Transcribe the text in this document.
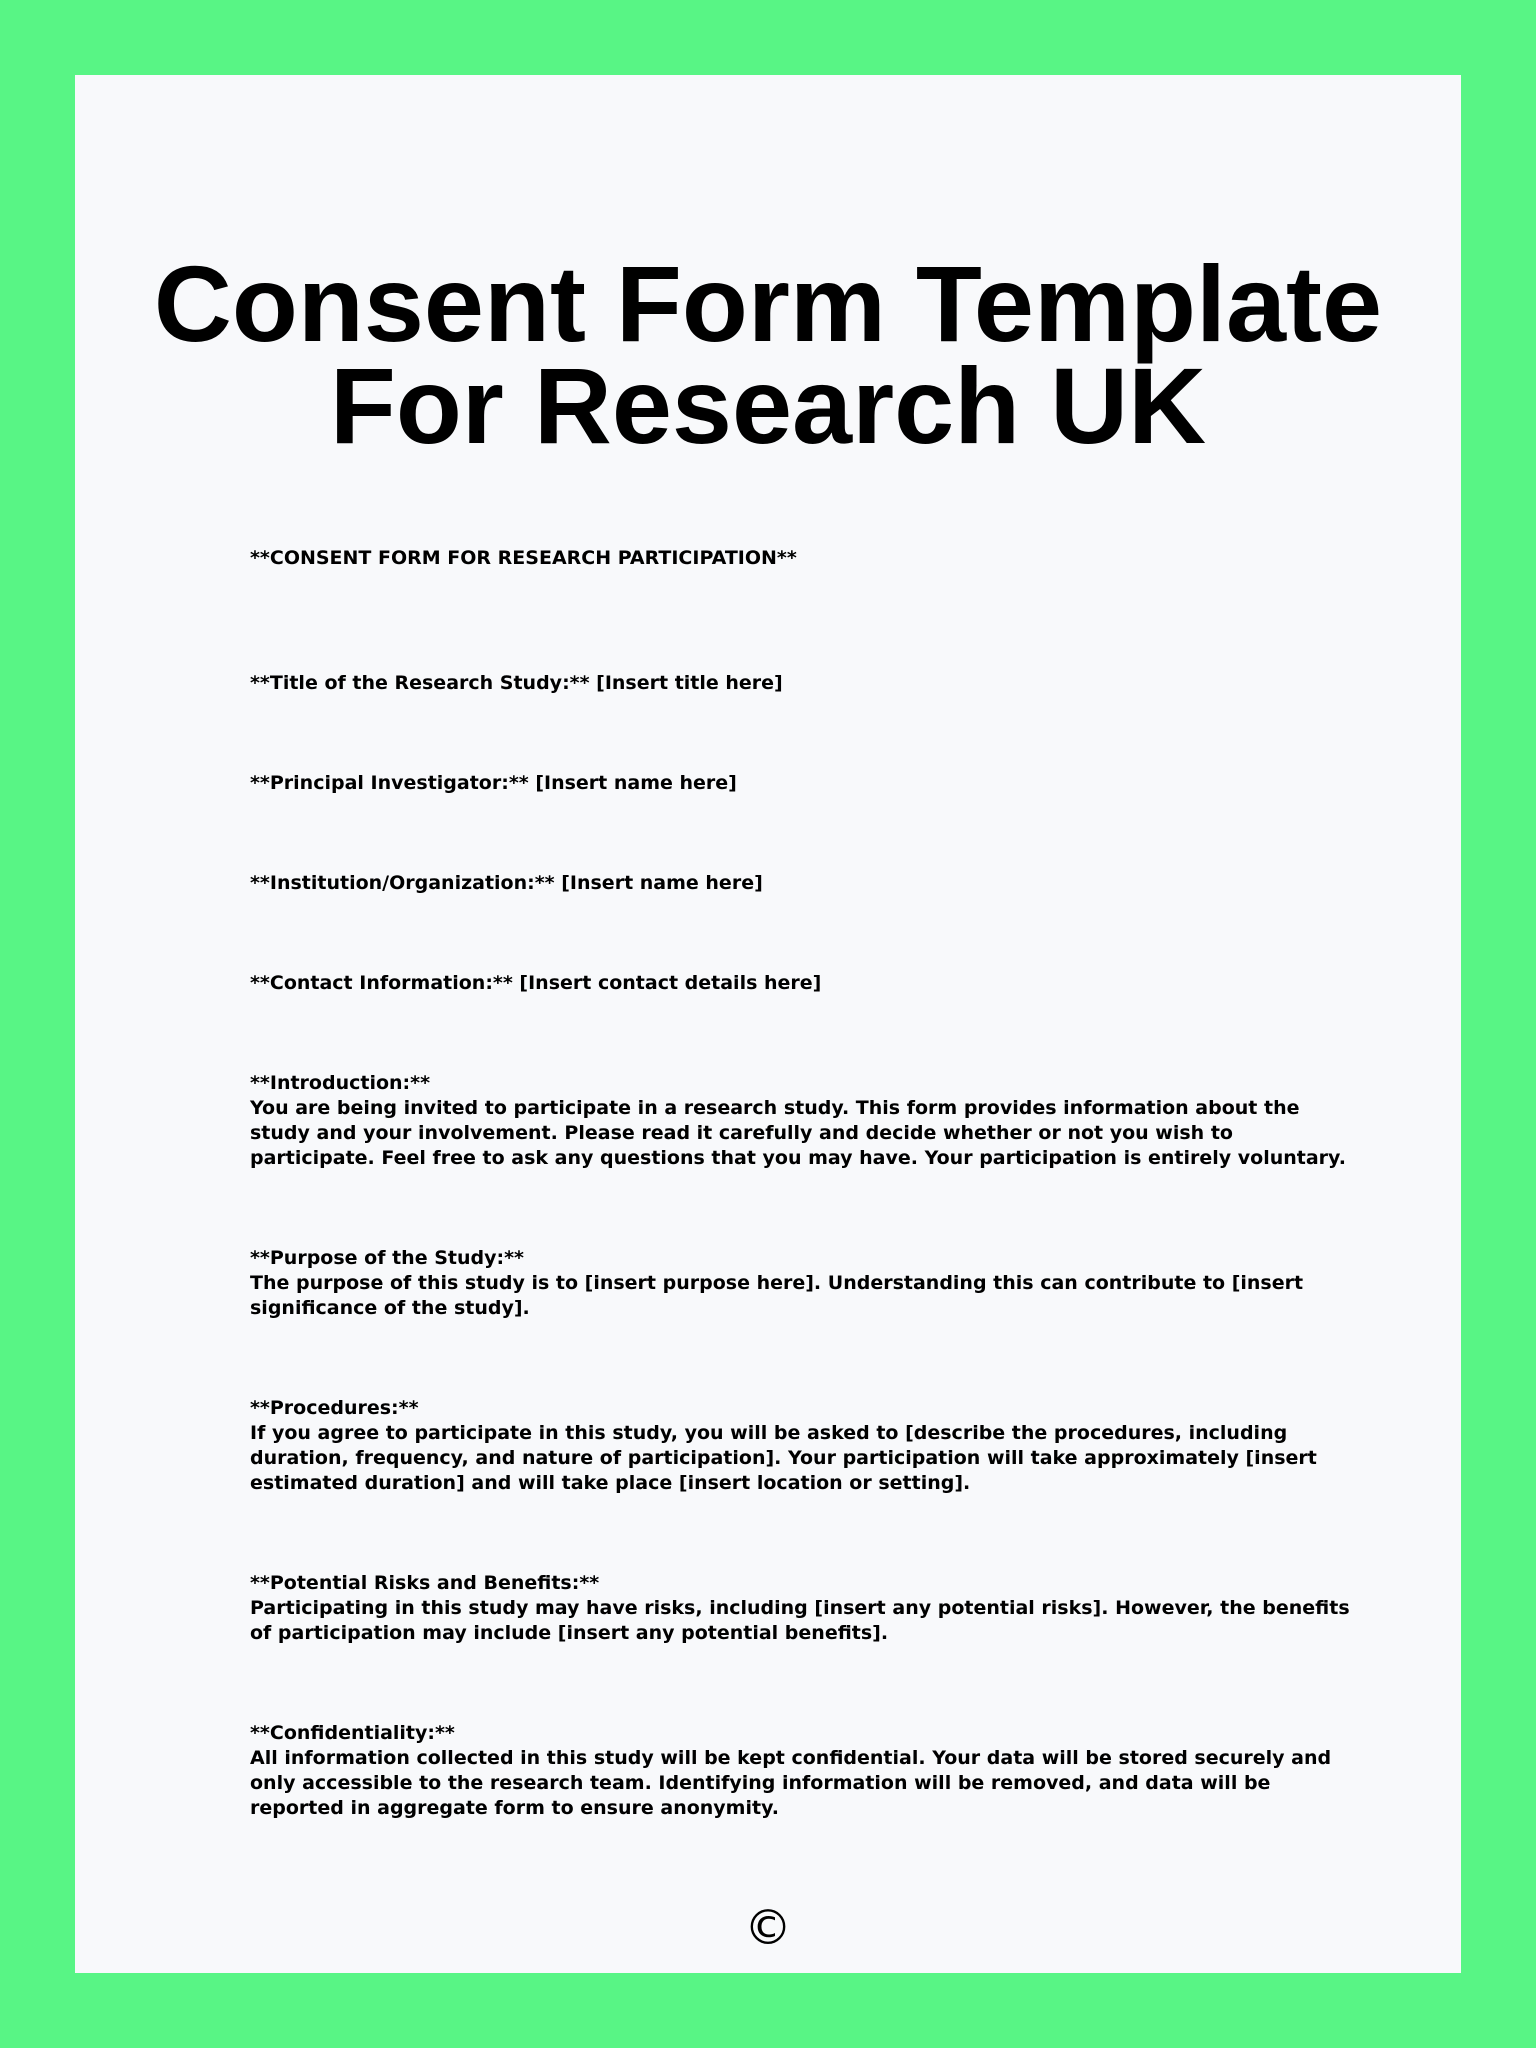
Consent Form Template For Research UK

**CONSENT FORM FOR RESEARCH PARTICIPATION**

**Title of the Research Study:** [Insert title here]

**Principal Investigator:** [Insert name here]

**Institution/Organization:** [Insert name here]

**Contact Information:** [Insert contact details here]

**Introduction:**
You are being invited to participate in a research study. This form provides information about the study and your involvement. Please read it carefully and decide whether or not you wish to participate. Feel free to ask any questions that you may have. Your participation is entirely voluntary.
**Purpose of the Study:**
The purpose of this study is to [insert purpose here]. Understanding this can contribute to [insert significance of the study].
**Procedures:**
If you agree to participate in this study, you will be asked to [describe the procedures, including duration, frequency, and nature of participation]. Your participation will take approximately [insert estimated duration] and will take place [insert location or setting].
**Potential Risks and Benefits:**
Participating in this study may have risks, including [insert any potential risks]. However, the benefits of participation may include [insert any potential benefits].
**Confidentiality:**
All information collected in this study will be kept confidential. Your data will be stored securely and only accessible to the research team. Identifying information will be removed, and data will be reported in aggregate form to ensure anonymity.
©
